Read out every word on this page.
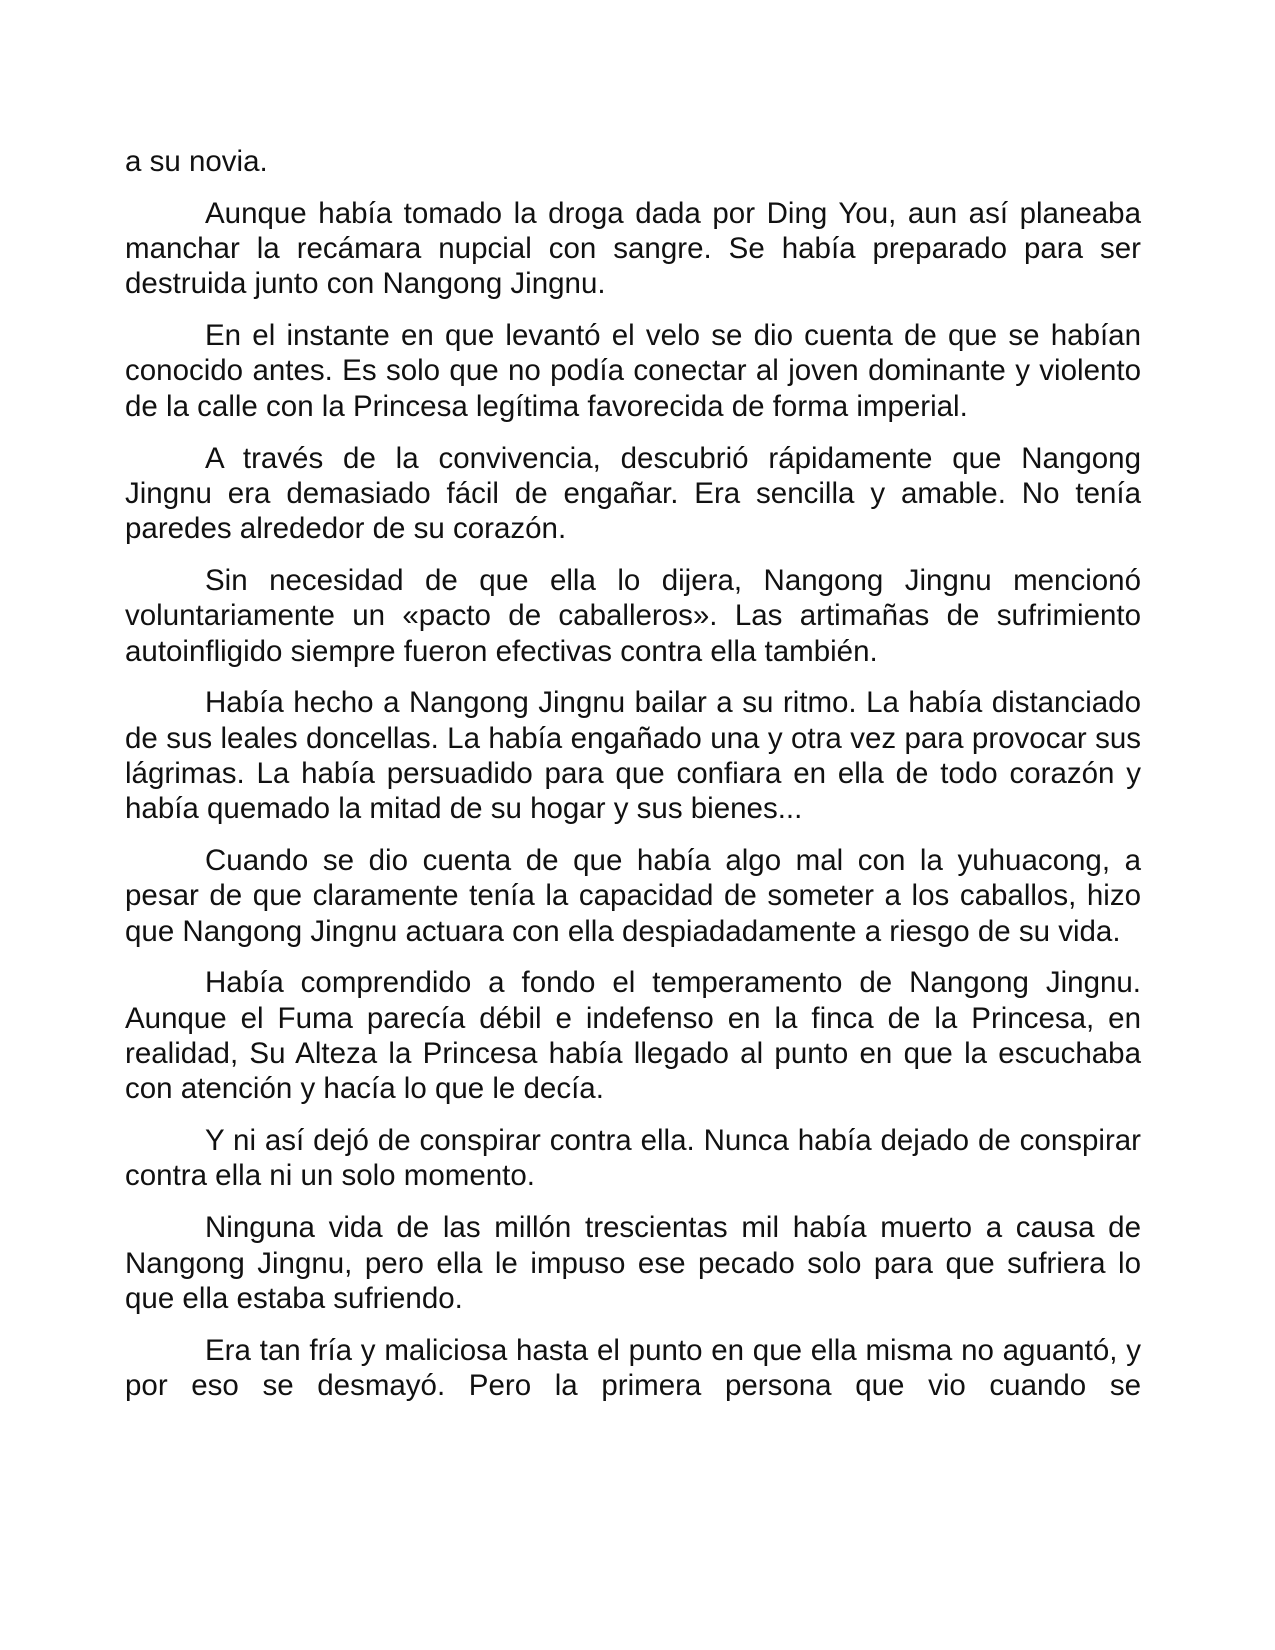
a su novia.

Aunque había tomado la droga dada por Ding You, aun así planeaba manchar la recámara nupcial con sangre. Se había preparado para ser destruida junto con Nangong Jingnu.

En el instante en que levantó el velo se dio cuenta de que se habían conocido antes. Es solo que no podía conectar al joven dominante y violento de la calle con la Princesa legítima favorecida de forma imperial.

A través de la convivencia, descubrió rápidamente que Nangong Jingnu era demasiado fácil de engañar. Era sencilla y amable. No tenía paredes alrededor de su corazón.

Sin necesidad de que ella lo dijera, Nangong Jingnu mencionó voluntariamente un «pacto de caballeros». Las artimañas de sufrimiento autoinfligido siempre fueron efectivas contra ella también.

Había hecho a Nangong Jingnu bailar a su ritmo. La había distanciado de sus leales doncellas. La había engañado una y otra vez para provocar sus lágrimas. La había persuadido para que confiara en ella de todo corazón y había quemado la mitad de su hogar y sus bienes...

Cuando se dio cuenta de que había algo mal con la yuhuacong, a pesar de que claramente tenía la capacidad de someter a los caballos, hizo que Nangong Jingnu actuara con ella despiadadamente a riesgo de su vida.

Había comprendido a fondo el temperamento de Nangong Jingnu. Aunque el Fuma parecía débil e indefenso en la finca de la Princesa, en realidad, Su Alteza la Princesa había llegado al punto en que la escuchaba con atención y hacía lo que le decía.

Y ni así dejó de conspirar contra ella. Nunca había dejado de conspirar contra ella ni un solo momento.

Ninguna vida de las millón trescientas mil había muerto a causa de Nangong Jingnu, pero ella le impuso ese pecado solo para que sufriera lo que ella estaba sufriendo.

Era tan fría y maliciosa hasta el punto en que ella misma no aguantó, y por eso se desmayó. Pero la primera persona que vio cuando se
